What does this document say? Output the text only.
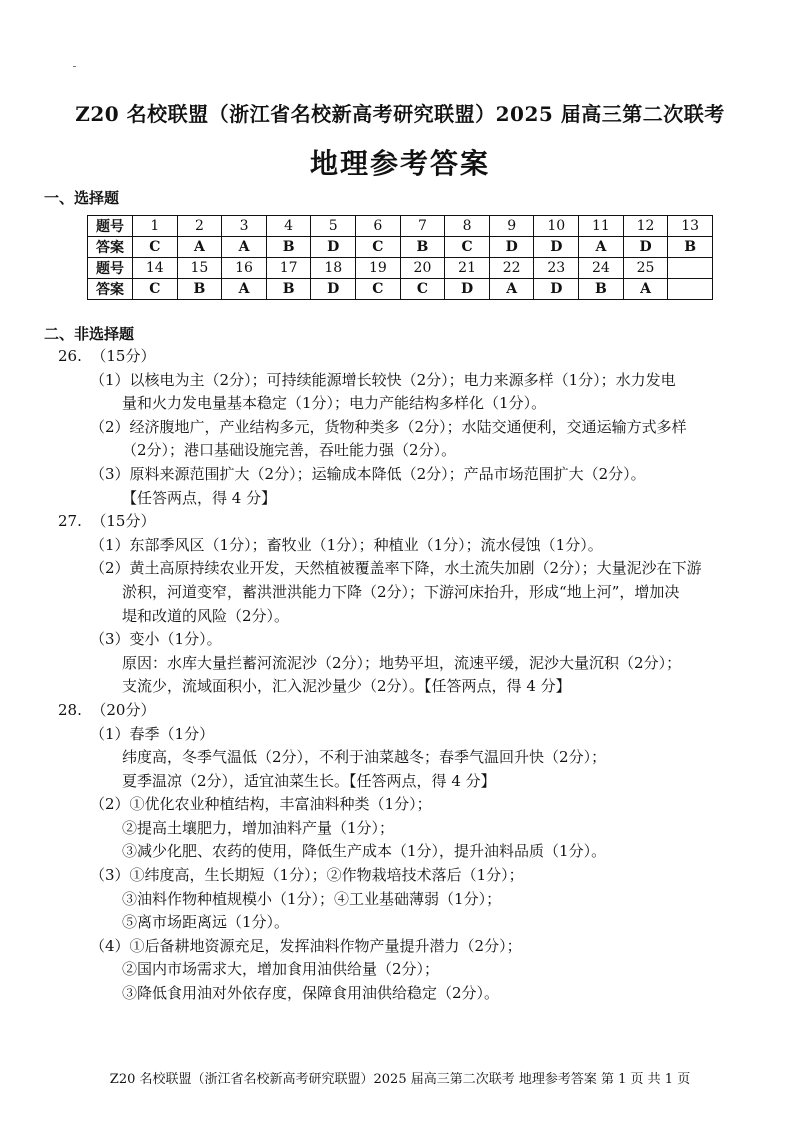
Z20 名校联盟（浙江省名校新高考研究联盟）2025 届高三第二次联考
地理参考答案
一、选择题
题号	1	2	3	4	5	6	7	8	9	10	11	12	13
答案	C	A	A	B	D	C	B	C	D	D	A	D	B
题号	14	15	16	17	18	19	20	21	22	23	24	25	
答案	C	B	A	B	D	C	C	D	A	D	B	A	
二、非选择题
26.  （15分）
（1）以核电为主（2分）；可持续能源增长较快（2分）；电力来源多样（1分）；水力发电
量和火力发电量基本稳定（1分）；电力产能结构多样化（1分）。
（2）经济腹地广，产业结构多元，货物种类多（2分）；水陆交通便利，交通运输方式多样
（2分）；港口基础设施完善，吞吐能力强（2分）。
（3）原料来源范围扩大（2分）；运输成本降低（2分）；产品市场范围扩大（2分）。
【任答两点，得 4 分】
27.  （15分）
（1）东部季风区（1分）；畜牧业（1分）；种植业（1分）；流水侵蚀（1分）。
（2）黄土高原持续农业开发，天然植被覆盖率下降，水土流失加剧（2分）；大量泥沙在下游
淤积，河道变窄，蓄洪泄洪能力下降（2分）；下游河床抬升，形成“地上河”，增加决
堤和改道的风险（2分）。
（3）变小（1分）。
原因：水库大量拦蓄河流泥沙（2分）；地势平坦，流速平缓，泥沙大量沉积（2分）；
支流少，流域面积小，汇入泥沙量少（2分）。【任答两点，得 4 分】
28.  （20分）
（1）春季（1分）
纬度高，冬季气温低（2分），不利于油菜越冬；春季气温回升快（2分）；
夏季温凉（2分），适宜油菜生长。【任答两点，得 4 分】
（2）①优化农业种植结构，丰富油料种类（1分）；
②提高土壤肥力，增加油料产量（1分）；
③减少化肥、农药的使用，降低生产成本（1分），提升油料品质（1分）。
（3）①纬度高，生长期短（1分）；②作物栽培技术落后（1分）；
③油料作物种植规模小（1分）；④工业基础薄弱（1分）；
⑤离市场距离远（1分）。
（4）①后备耕地资源充足，发挥油料作物产量提升潜力（2分）；
②国内市场需求大，增加食用油供给量（2分）；
③降低食用油对外依存度，保障食用油供给稳定（2分）。
Z20 名校联盟（浙江省名校新高考研究联盟）2025 届高三第二次联考 地理参考答案 第 1 页 共 1 页
